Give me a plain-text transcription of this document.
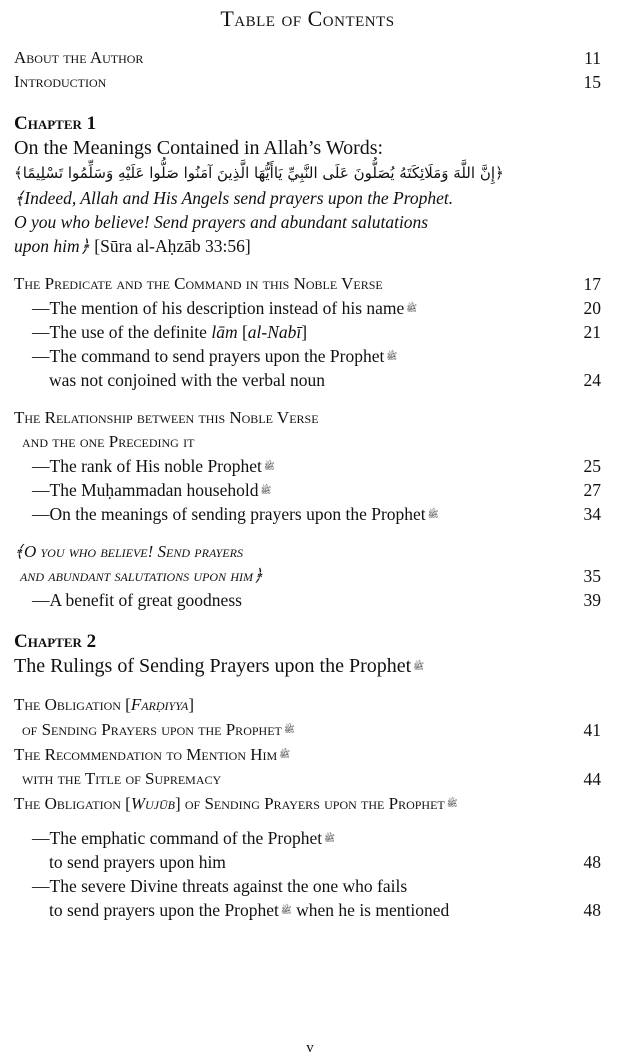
Table of Contents
About the Author	11
Introduction	15
Chapter 1
On the Meanings Contained in Allah’s Words:
﴿إِنَّ اللَّهَ وَمَلَائِكَتَهُ يُصَلُّونَ عَلَى النَّبِيِّ يَاأَيُّهَا الَّذِينَ آمَنُوا صَلُّوا عَلَيْهِ وَسَلِّمُوا تَسْلِيمًا﴾
﴾Indeed, Allah and His Angels send prayers upon the Prophet.
O you who believe! Send prayers and abundant salutations
upon him﴿ [Sūra al-Aḥzāb 33:56]
The Predicate and the Command in this Noble Verse	17
—The mention of his description instead of his name ﷺ	20
—The use of the definite lām [al-Nabī]	21
—The command to send prayers upon the Prophet ﷺ
was not conjoined with the verbal noun	24
The Relationship between this Noble Verse
and the one Preceding it
—The rank of His noble Prophet ﷺ	25
—The Muḥammadan household ﷺ	27
—On the meanings of sending prayers upon the Prophet ﷺ	34
﴾O you who believe! Send prayers
and abundant salutations upon him﴿	35
—A benefit of great goodness	39
Chapter 2
The Rulings of Sending Prayers upon the Prophet ﷺ
The Obligation [Farḍiyya]
of Sending Prayers upon the Prophet ﷺ	41
The Recommendation to Mention Him ﷺ
with the Title of Supremacy	44
The Obligation [Wujūb] of Sending Prayers upon the Prophet ﷺ
—The emphatic command of the Prophet ﷺ
to send prayers upon him	48
—The severe Divine threats against the one who fails
to send prayers upon the Prophet ﷺ when he is mentioned	48
v
